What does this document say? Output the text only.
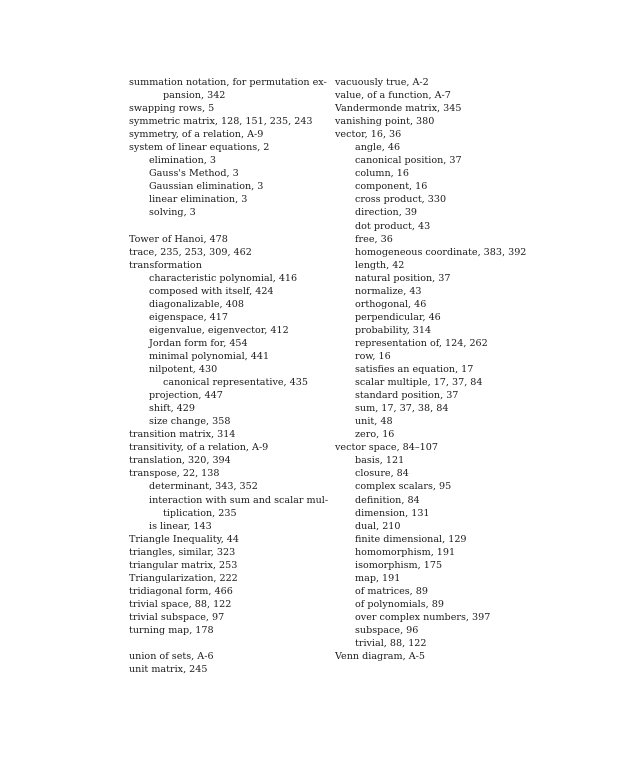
summation notation, for permutation ex-
pansion, 342
swapping rows, 5
symmetric matrix, 128, 151, 235, 243
symmetry, of a relation, A-9
system of linear equations, 2
elimination, 3
Gauss's Method, 3
Gaussian elimination, 3
linear elimination, 3
solving, 3
Tower of Hanoi, 478
trace, 235, 253, 309, 462
transformation
characteristic polynomial, 416
composed with itself, 424
diagonalizable, 408
eigenspace, 417
eigenvalue, eigenvector, 412
Jordan form for, 454
minimal polynomial, 441
nilpotent, 430
canonical representative, 435
projection, 447
shift, 429
size change, 358
transition matrix, 314
transitivity, of a relation, A-9
translation, 320, 394
transpose, 22, 138
determinant, 343, 352
interaction with sum and scalar mul-
tiplication, 235
is linear, 143
Triangle Inequality, 44
triangles, similar, 323
triangular matrix, 253
Triangularization, 222
tridiagonal form, 466
trivial space, 88, 122
trivial subspace, 97
turning map, 178
union of sets, A-6
unit matrix, 245
vacuously true, A-2
value, of a function, A-7
Vandermonde matrix, 345
vanishing point, 380
vector, 16, 36
angle, 46
canonical position, 37
column, 16
component, 16
cross product, 330
direction, 39
dot product, 43
free, 36
homogeneous coordinate, 383, 392
length, 42
natural position, 37
normalize, 43
orthogonal, 46
perpendicular, 46
probability, 314
representation of, 124, 262
row, 16
satisfies an equation, 17
scalar multiple, 17, 37, 84
standard position, 37
sum, 17, 37, 38, 84
unit, 48
zero, 16
vector space, 84–107
basis, 121
closure, 84
complex scalars, 95
definition, 84
dimension, 131
dual, 210
finite dimensional, 129
homomorphism, 191
isomorphism, 175
map, 191
of matrices, 89
of polynomials, 89
over complex numbers, 397
subspace, 96
trivial, 88, 122
Venn diagram, A-5
